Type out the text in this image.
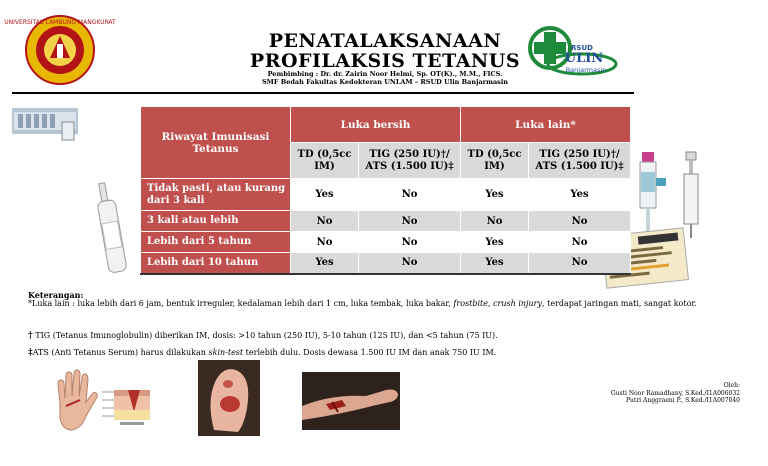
UNIVERSITAS LAMBUNG MANGKURAT
PENATALAKSANAAN
PROFILAKSIS TETANUS
Pembimbing : Dr. dr. Zairin Noor Helmi, Sp. OT(K)., M.M., FICS.
SMF Bedah Fakultas Kedokteran UNLAM – RSUD Ulin Banjarmasin
RSUD
ULIN
Banjarmasin
Riwayat Imunisasi Tetanus	Luka bersih		Luka lain*	
	TD (0,5cc IM)	TIG (250 IU)†/ ATS (1.500 IU)‡	TD (0,5cc IM)	TIG (250 IU)†/ ATS (1.500 IU)‡
Tidak pasti, atau kurang dari 3 kali	Yes	No	Yes	Yes
3 kali atau lebih	No	No	No	No
Lebih dari 5 tahun	No	No	Yes	No
Lebih dari 10 tahun	Yes	No	Yes	No
Keterangan:
*Luka lain : luka lebih dari 6 jam, bentuk irreguler, kedalaman lebih dari 1 cm, luka tembak, luka bakar, frostbite, crush injury, terdapat jaringan mati, sangat kotor.
† TIG (Tetanus Imunoglobulin) diberikan IM, dosis: >10 tahun (250 IU), 5-10 tahun (125 IU), dan <5 tahun (75 IU).
‡ATS (Anti Tetanus Serum) harus dilakukan skin-test terlebih dulu. Dosis dewasa 1.500 IU IM dan anak 750 IU IM.
Oleh:
Gusti Noor Ramadhany, S.Ked./I1A006032
Putri Anggraeni P., S.Ked./I1A007040
